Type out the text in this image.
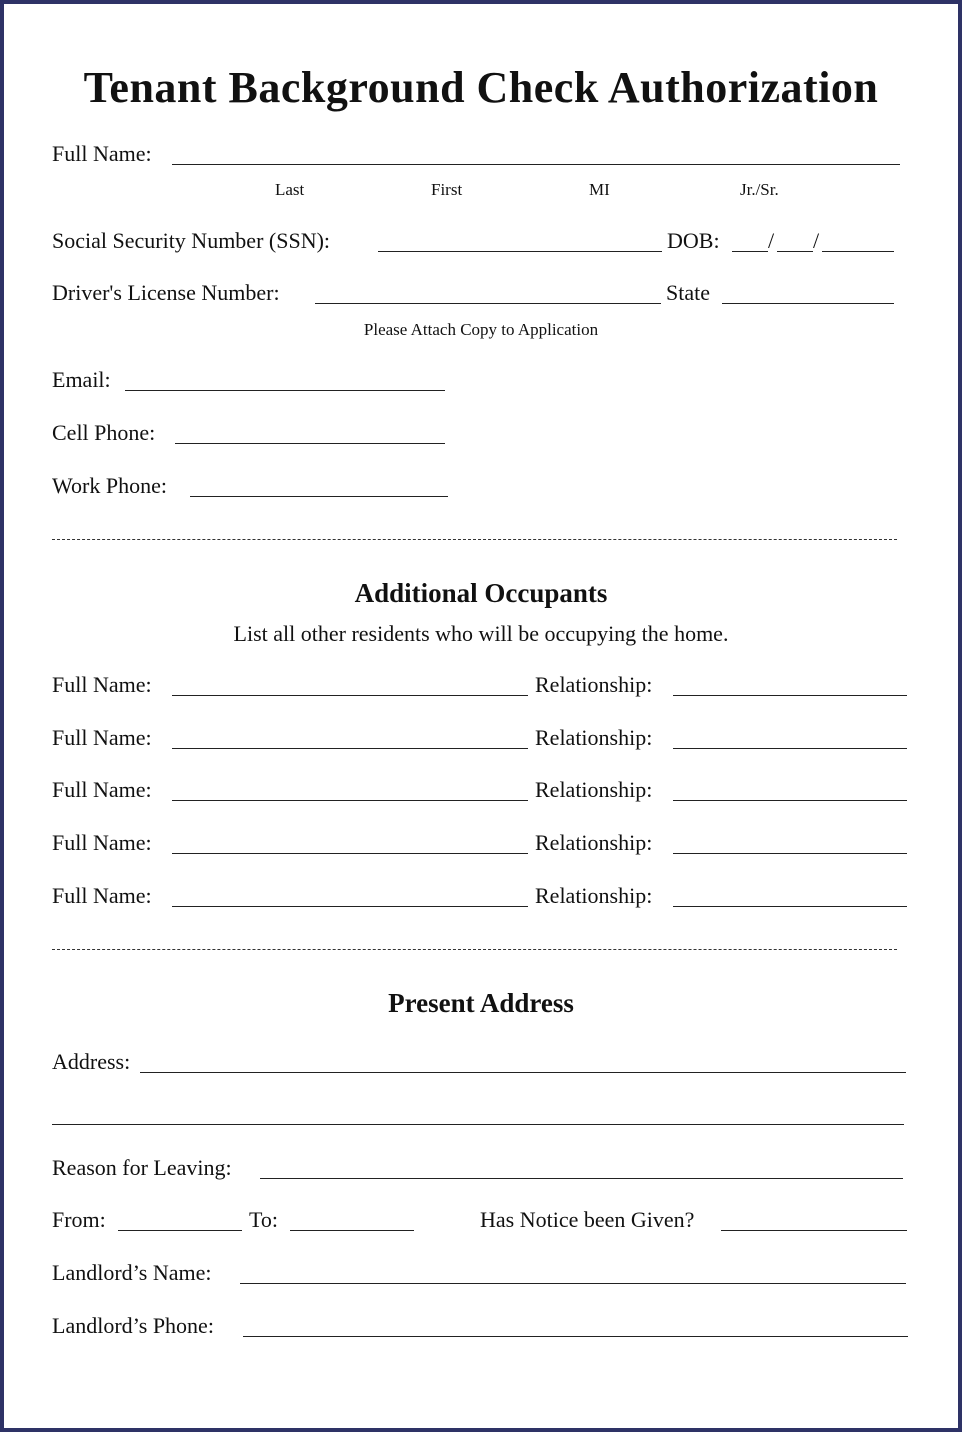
Tenant Background Check Authorization
Full Name:
Last	First	MI	Jr./Sr.
Social Security Number (SSN):	DOB: / /
Driver's License Number:	State
Please Attach Copy to Application
Email:
Cell Phone:
Work Phone:
Additional Occupants
List all other residents who will be occupying the home.
Full Name:	Relationship:
Full Name:	Relationship:
Full Name:	Relationship:
Full Name:	Relationship:
Full Name:	Relationship:
Present Address
Address:
Reason for Leaving:
From:	To:	Has Notice been Given?
Landlord’s Name:
Landlord’s Phone:
